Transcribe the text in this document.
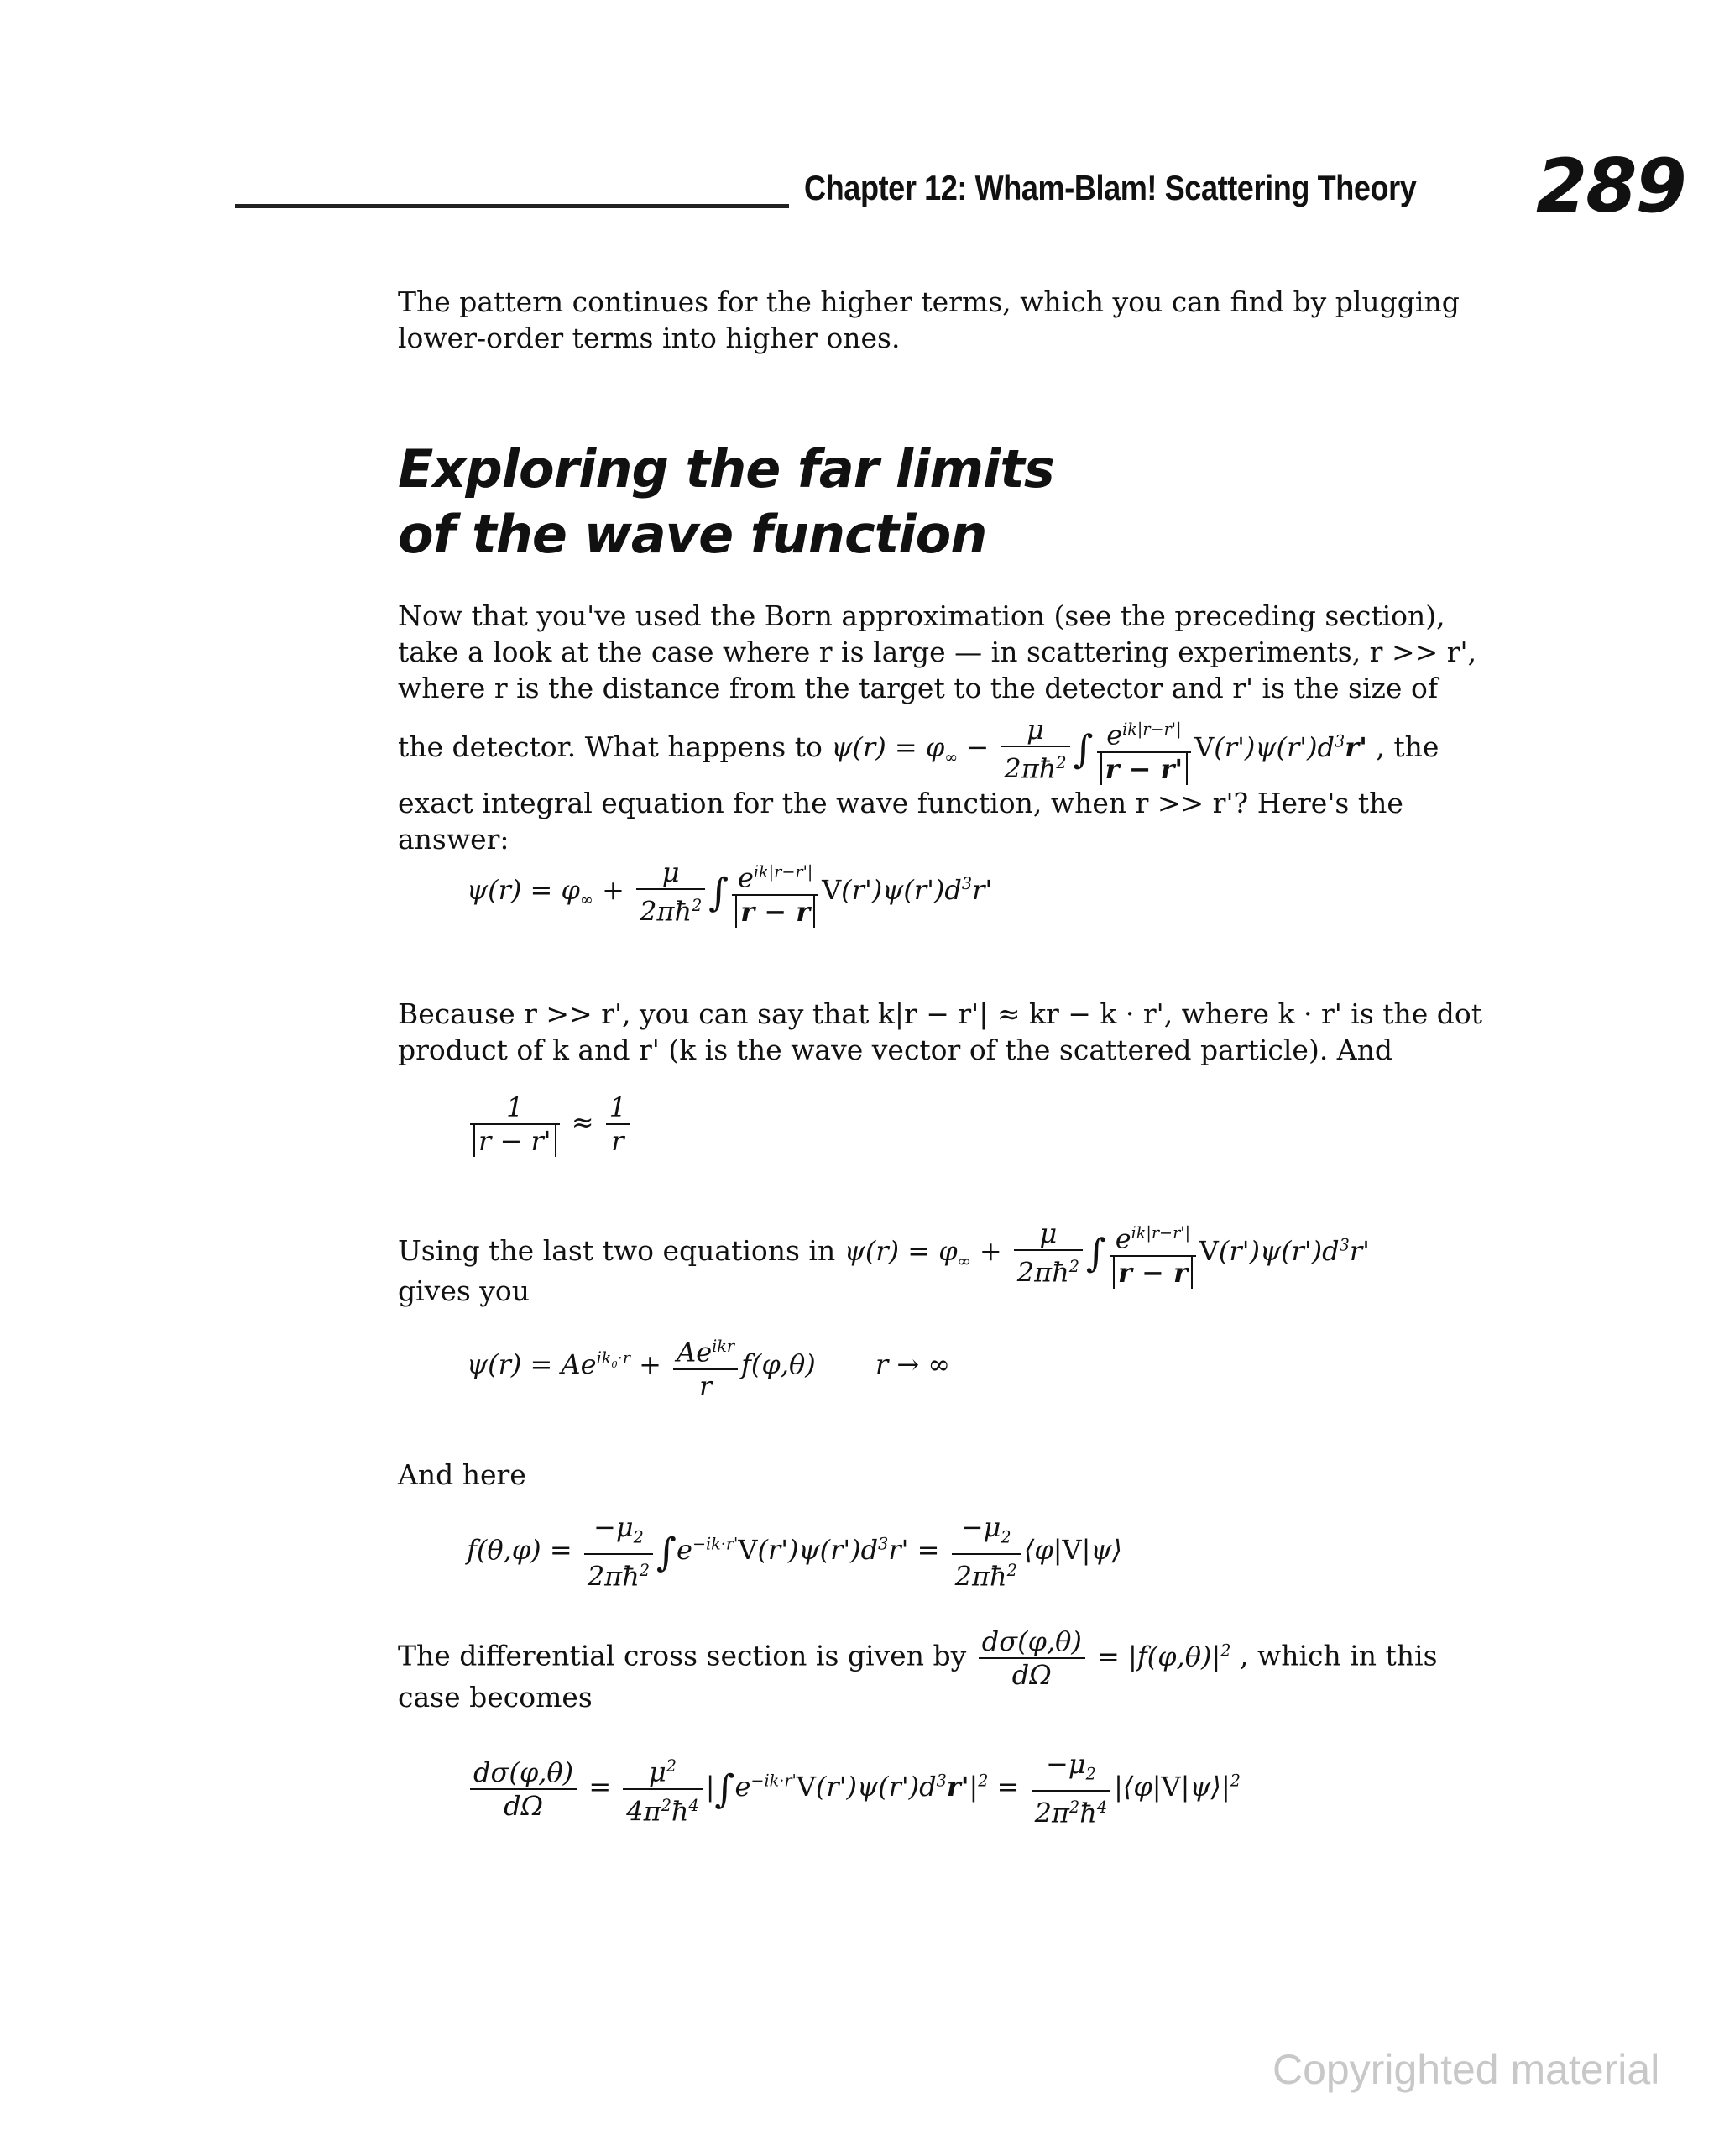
Chapter 12: Wham-Blam! Scattering Theory 289
The pattern continues for the higher terms, which you can find by plugging lower-order terms into higher ones.
Exploring the far limits
of the wave function

Now that you've used the Born approximation (see the preceding section),

take a look at the case where r is large — in scattering experiments, r >> r',

where r is the distance from the target to the detector and r' is the size of

the detector. What happens to $\psi(r) = \varphi_\infty - \frac{\mu}{2\pi ħ^2}$ ∫ $\frac{e^{ik|r-r'|}}{r - r'} V(r')\psi(r')d^3r'$ , the
exact integral equation for the wave function, when r >> r'? Here's the answer:
$\psi(r) = \varphi_\infty + \frac{\mu}{2\pi ħ^2}$ ∫ $\frac{e^{ik|r-r'|}}{r - r} V(r')\psi(r')d^3r'$

Because r >> r', you can say that k|r − r'| ≈ kr − k · r', where k · r' is the dot

product of k and r' (k is the wave vector of the scattered particle). And

$\frac{1}{r - r'} \approx \frac{1}{r}$
Using the last two equations in $\psi(r) = \varphi_\infty + \frac{\mu}{2\pi ħ^2}$ ∫ $\frac{e^{ik|r-r'|}}{r - r} V(r')\psi(r')d^3r'$
gives you
$\psi(r) = Ae^{ik_0\cdot r} + \frac{Ae^{ikr}}{r} f(\varphi,\theta)$       r → ∞
And here
$f(\theta,\varphi) = \frac{-\mu_2}{2\pi ħ^2} \int e^{-ik\cdot r'}V(r')\psi(r')d^3r' = \frac{-\mu_2}{2\pi ħ^2}$ ⟨φ|V|ψ⟩
The differential cross section is given by $\frac{d\sigma(\varphi,\theta)}{d\Omega} = |f(\varphi,\theta)|^2$ , which in this
case becomes
$\frac{d\sigma(\varphi,\theta)}{d\Omega} = \frac{\mu^2}{4\pi^2ħ^4} |\int e^{-ik\cdot r'}V(r')\psi(r')d^3r'|^2 = \frac{-\mu_2}{2\pi^2ħ^4}$ $|⟨\varphi|V|\psi⟩|^2$
Copyrighted material
